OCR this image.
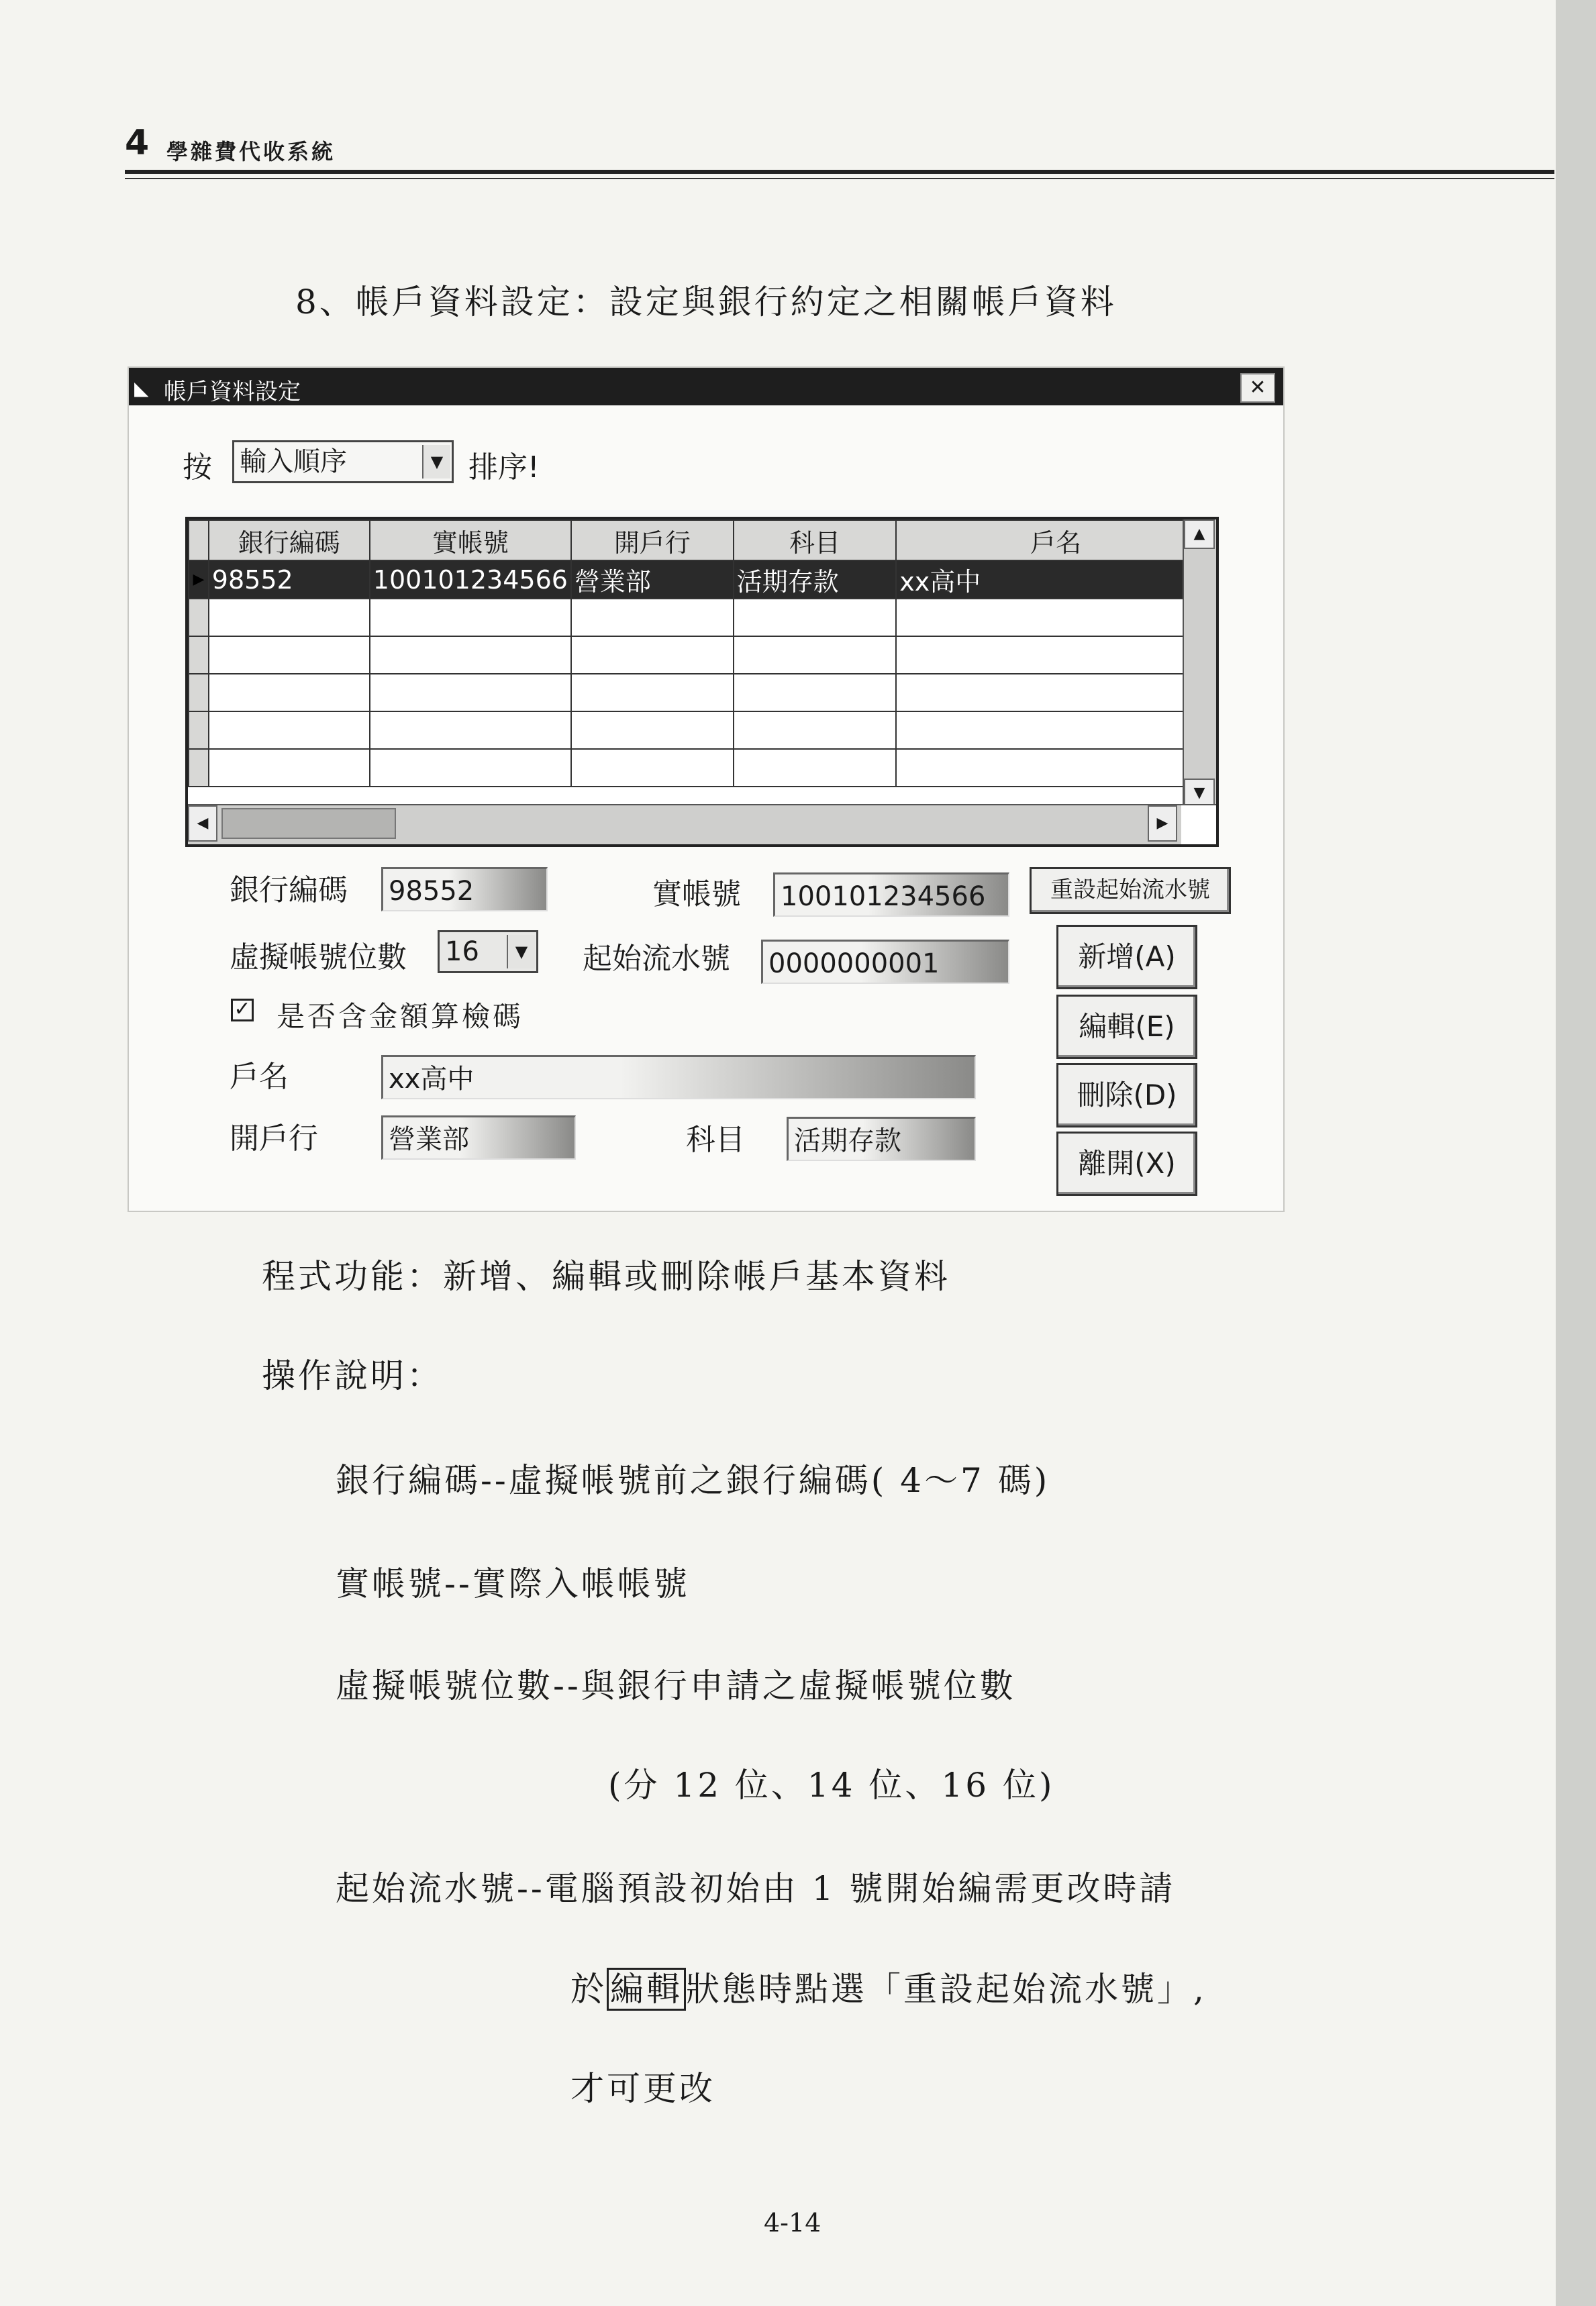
4 學雜費代收系統
8、帳戶資料設定：設定與銀行約定之相關帳戶資料
◣ 帳戶資料設定	✕
按 輸入順序	▼ 排序!
	銀行編碼	實帳號	開戶行	科目	戶名
▶	98552	100101234566	營業部	活期存款	xx高中

▲
▼
◀	▶
銀行編碼 98552	實帳號 100101234566	重設起始流水號
虛擬帳號位數 16	▼ 起始流水號 0000000001
✓ 是否含金額算檢碼
戶名	xx高中
開戶行	營業部	科目 活期存款
新增(A)
編輯(E)
刪除(D)
離開(X)
程式功能：新增、編輯或刪除帳戶基本資料
操作說明：
銀行編碼--虛擬帳號前之銀行編碼( 4～7 碼)
實帳號--實際入帳帳號
虛擬帳號位數--與銀行申請之虛擬帳號位數
(分 12 位、14 位、16 位)
起始流水號--電腦預設初始由 1 號開始編需更改時請
於 編輯 狀態時點選「重設起始流水號」,
才可更改
4-14
